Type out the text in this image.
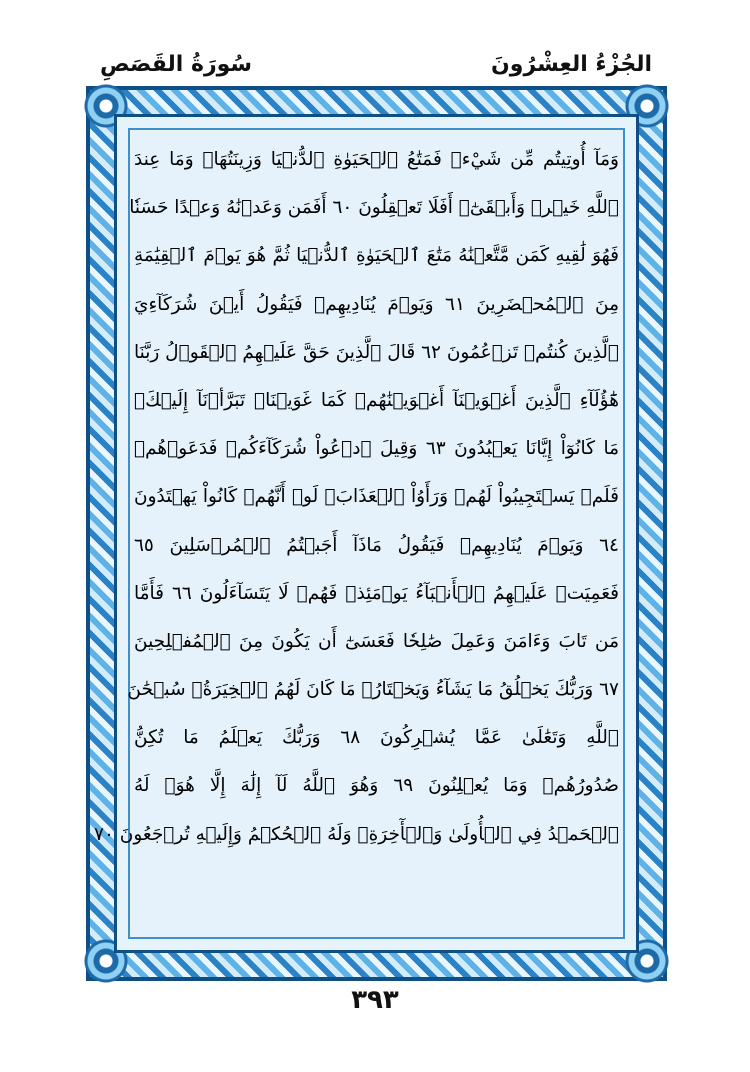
سُورَةُ القَصَصِ	الجُزْءُ العِشْرُونَ
وَمَآ أُوتِيتُم مِّن شَيْءٖ فَمَتَٰعُ ٱلۡحَيَوٰةِ ٱلدُّنۡيَا وَزِينَتُهَاۚ وَمَا عِندَ
ٱللَّهِ خَيۡرٞ وَأَبۡقَىٰٓۚ أَفَلَا تَعۡقِلُونَ ٦٠ أَفَمَن وَعَدۡنَٰهُ وَعۡدًا حَسَنٗا
فَهُوَ لَٰقِيهِ كَمَن مَّتَّعۡنَٰهُ مَتَٰعَ ٱلۡحَيَوٰةِ ٱلدُّنۡيَا ثُمَّ هُوَ يَوۡمَ ٱلۡقِيَٰمَةِ
مِنَ ٱلۡمُحۡضَرِينَ ٦١ وَيَوۡمَ يُنَادِيهِمۡ فَيَقُولُ أَيۡنَ شُرَكَآءِيَ
ٱلَّذِينَ كُنتُمۡ تَزۡعُمُونَ ٦٢ قَالَ ٱلَّذِينَ حَقَّ عَلَيۡهِمُ ٱلۡقَوۡلُ رَبَّنَا
هَٰٓؤُلَآءِ ٱلَّذِينَ أَغۡوَيۡنَآ أَغۡوَيۡنَٰهُمۡ كَمَا غَوَيۡنَاۖ تَبَرَّأۡنَآ إِلَيۡكَۖ
مَا كَانُوٓاْ إِيَّانَا يَعۡبُدُونَ ٦٣ وَقِيلَ ٱدۡعُواْ شُرَكَآءَكُمۡ فَدَعَوۡهُمۡ
فَلَمۡ يَسۡتَجِيبُواْ لَهُمۡ وَرَأَوُاْ ٱلۡعَذَابَۚ لَوۡ أَنَّهُمۡ كَانُواْ يَهۡتَدُونَ
٦٤ وَيَوۡمَ يُنَادِيهِمۡ فَيَقُولُ مَاذَآ أَجَبۡتُمُ ٱلۡمُرۡسَلِينَ ٦٥
فَعَمِيَتۡ عَلَيۡهِمُ ٱلۡأَنۢبَآءُ يَوۡمَئِذٖ فَهُمۡ لَا يَتَسَآءَلُونَ ٦٦ فَأَمَّا
مَن تَابَ وَءَامَنَ وَعَمِلَ صَٰلِحٗا فَعَسَىٰٓ أَن يَكُونَ مِنَ ٱلۡمُفۡلِحِينَ
٦٧ وَرَبُّكَ يَخۡلُقُ مَا يَشَآءُ وَيَخۡتَارُۗ مَا كَانَ لَهُمُ ٱلۡخِيَرَةُۚ سُبۡحَٰنَ
ٱللَّهِ وَتَعَٰلَىٰ عَمَّا يُشۡرِكُونَ ٦٨ وَرَبُّكَ يَعۡلَمُ مَا تُكِنُّ
صُدُورُهُمۡ وَمَا يُعۡلِنُونَ ٦٩ وَهُوَ ٱللَّهُ لَآ إِلَٰهَ إِلَّا هُوَۖ لَهُ
ٱلۡحَمۡدُ فِي ٱلۡأُولَىٰ وَٱلۡأٓخِرَةِۖ وَلَهُ ٱلۡحُكۡمُ وَإِلَيۡهِ تُرۡجَعُونَ ٧٠
٣٩٣
